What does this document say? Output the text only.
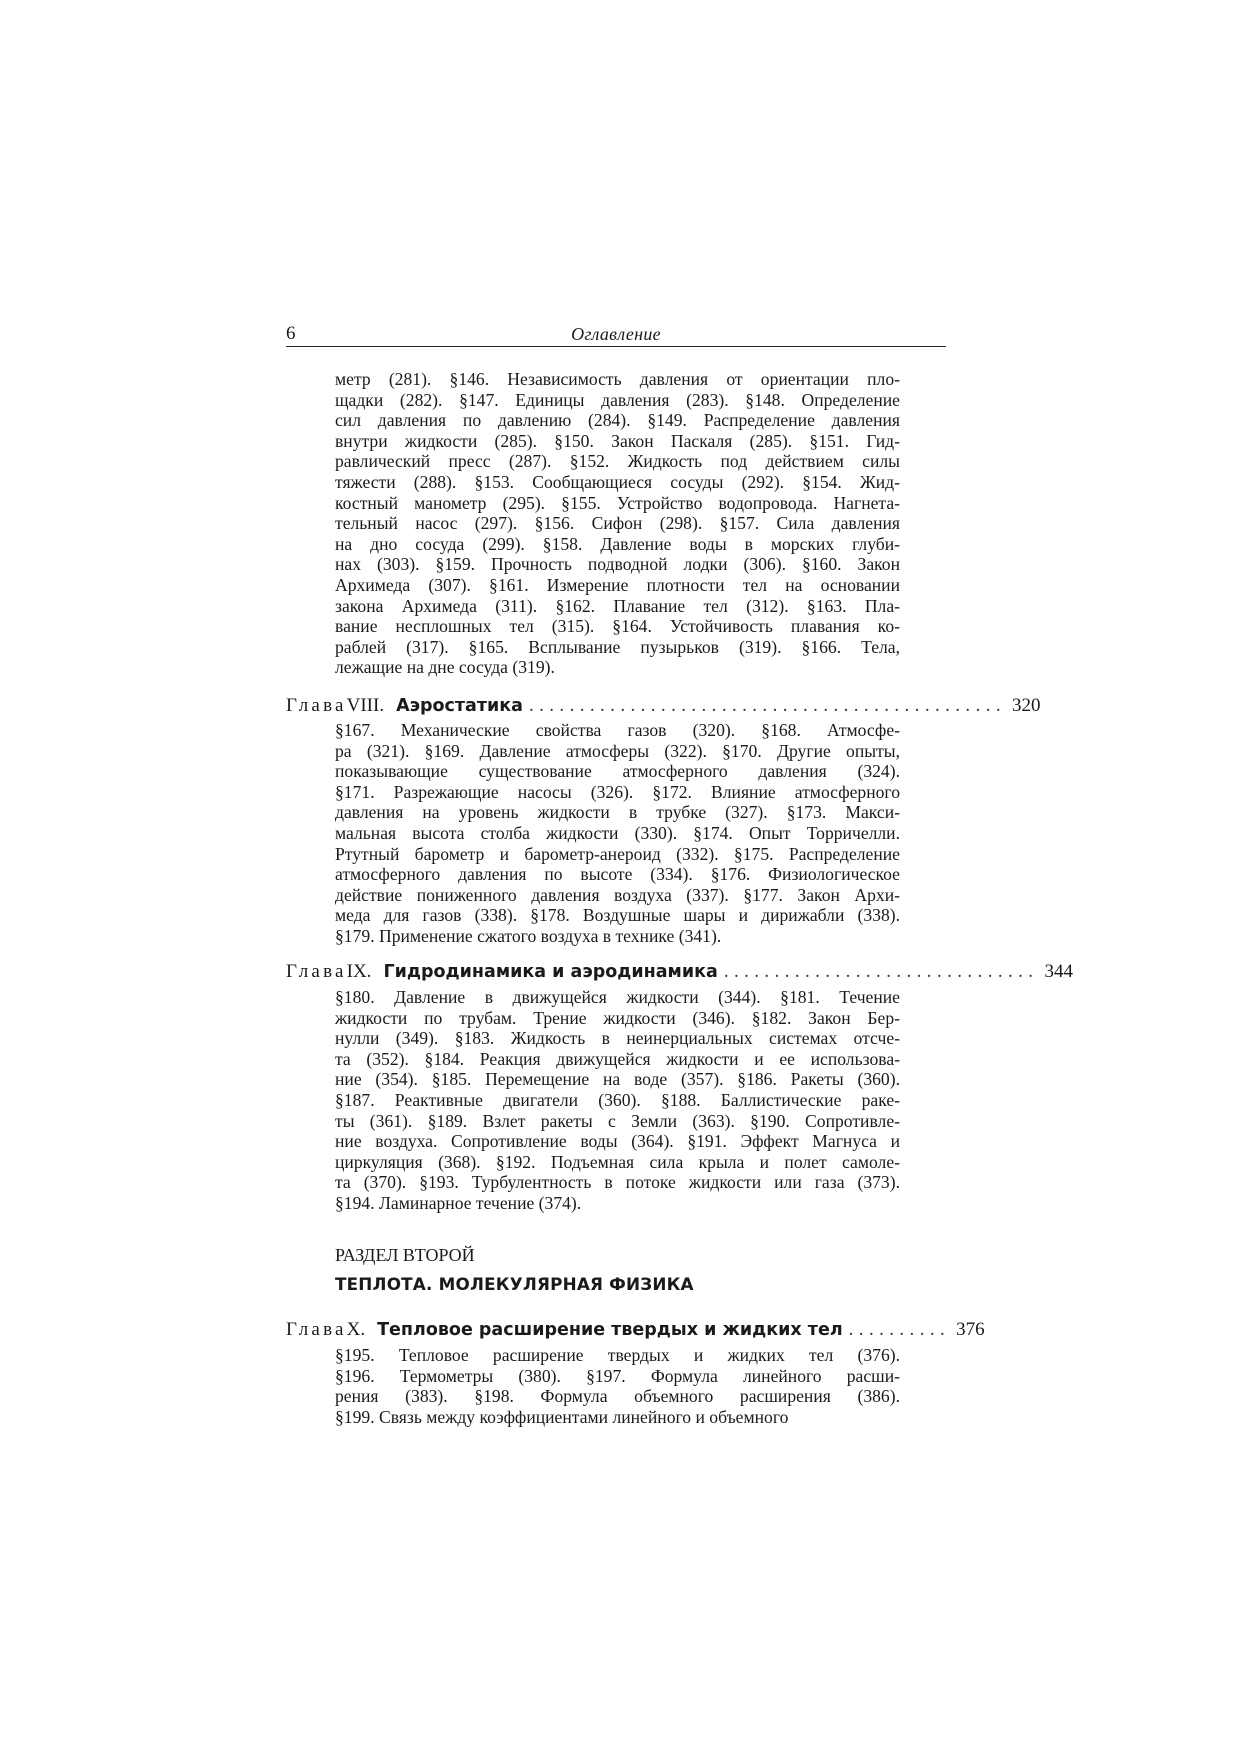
6	Оглавление

метр (281). §146. Независимость давления от ориентации пло-

щадки (282). §147. Единицы давления (283). §148. Определение

сил давления по давлению (284). §149. Распределение давления

внутри жидкости (285). §150. Закон Паскаля (285). §151. Гид-

равлический пресс (287). §152. Жидкость под действием силы

тяжести (288). §153. Сообщающиеся сосуды (292). §154. Жид-

костный манометр (295). §155. Устройство водопровода. Нагнета-

тельный насос (297). §156. Сифон (298). §157. Сила давления

на дно сосуда (299). §158. Давление воды в морских глуби-

нах (303). §159. Прочность подводной лодки (306). §160. Закон

Архимеда (307). §161. Измерение плотности тел на основании

закона Архимеда (311). §162. Плавание тел (312). §163. Пла-

вание несплошных тел (315). §164. Устойчивость плавания ко-

раблей (317). §165. Всплывание пузырьков (319). §166. Тела,

лежащие на дне сосуда (319).

Глава VIII. Аэростатика ............................................... 320

§167. Механические свойства газов (320). §168. Атмосфе-

ра (321). §169. Давление атмосферы (322). §170. Другие опыты,

показывающие существование атмосферного давления (324).

§171. Разрежающие насосы (326). §172. Влияние атмосферного

давления на уровень жидкости в трубке (327). §173. Макси-

мальная высота столба жидкости (330). §174. Опыт Торричелли.

Ртутный барометр и барометр-анероид (332). §175. Распределение

атмосферного давления по высоте (334). §176. Физиологическое

действие пониженного давления воздуха (337). §177. Закон Архи-

меда для газов (338). §178. Воздушные шары и дирижабли (338).

§179. Применение сжатого воздуха в технике (341).

Глава IX. Гидродинамика и аэродинамика ............................... 344

§180. Давление в движущейся жидкости (344). §181. Течение

жидкости по трубам. Трение жидкости (346). §182. Закон Бер-

нулли (349). §183. Жидкость в неинерциальных системах отсче-

та (352). §184. Реакция движущейся жидкости и ее использова-

ние (354). §185. Перемещение на воде (357). §186. Ракеты (360).

§187. Реактивные двигатели (360). §188. Баллистические раке-

ты (361). §189. Взлет ракеты с Земли (363). §190. Сопротивле-

ние воздуха. Сопротивление воды (364). §191. Эффект Магнуса и

циркуляция (368). §192. Подъемная сила крыла и полет самоле-

та (370). §193. Турбулентность в потоке жидкости или газа (373).

§194. Ламинарное течение (374).

РАЗДЕЛ ВТОРОЙ
ТЕПЛОТА. МОЛЕКУЛЯРНАЯ ФИЗИКА
Глава X. Тепловое расширение твердых и жидких тел .......... 376

§195. Тепловое расширение твердых и жидких тел (376).

§196. Термометры (380). §197. Формула линейного расши-

рения (383). §198. Формула объемного расширения (386).

§199. Связь между коэффициентами линейного и объемного
